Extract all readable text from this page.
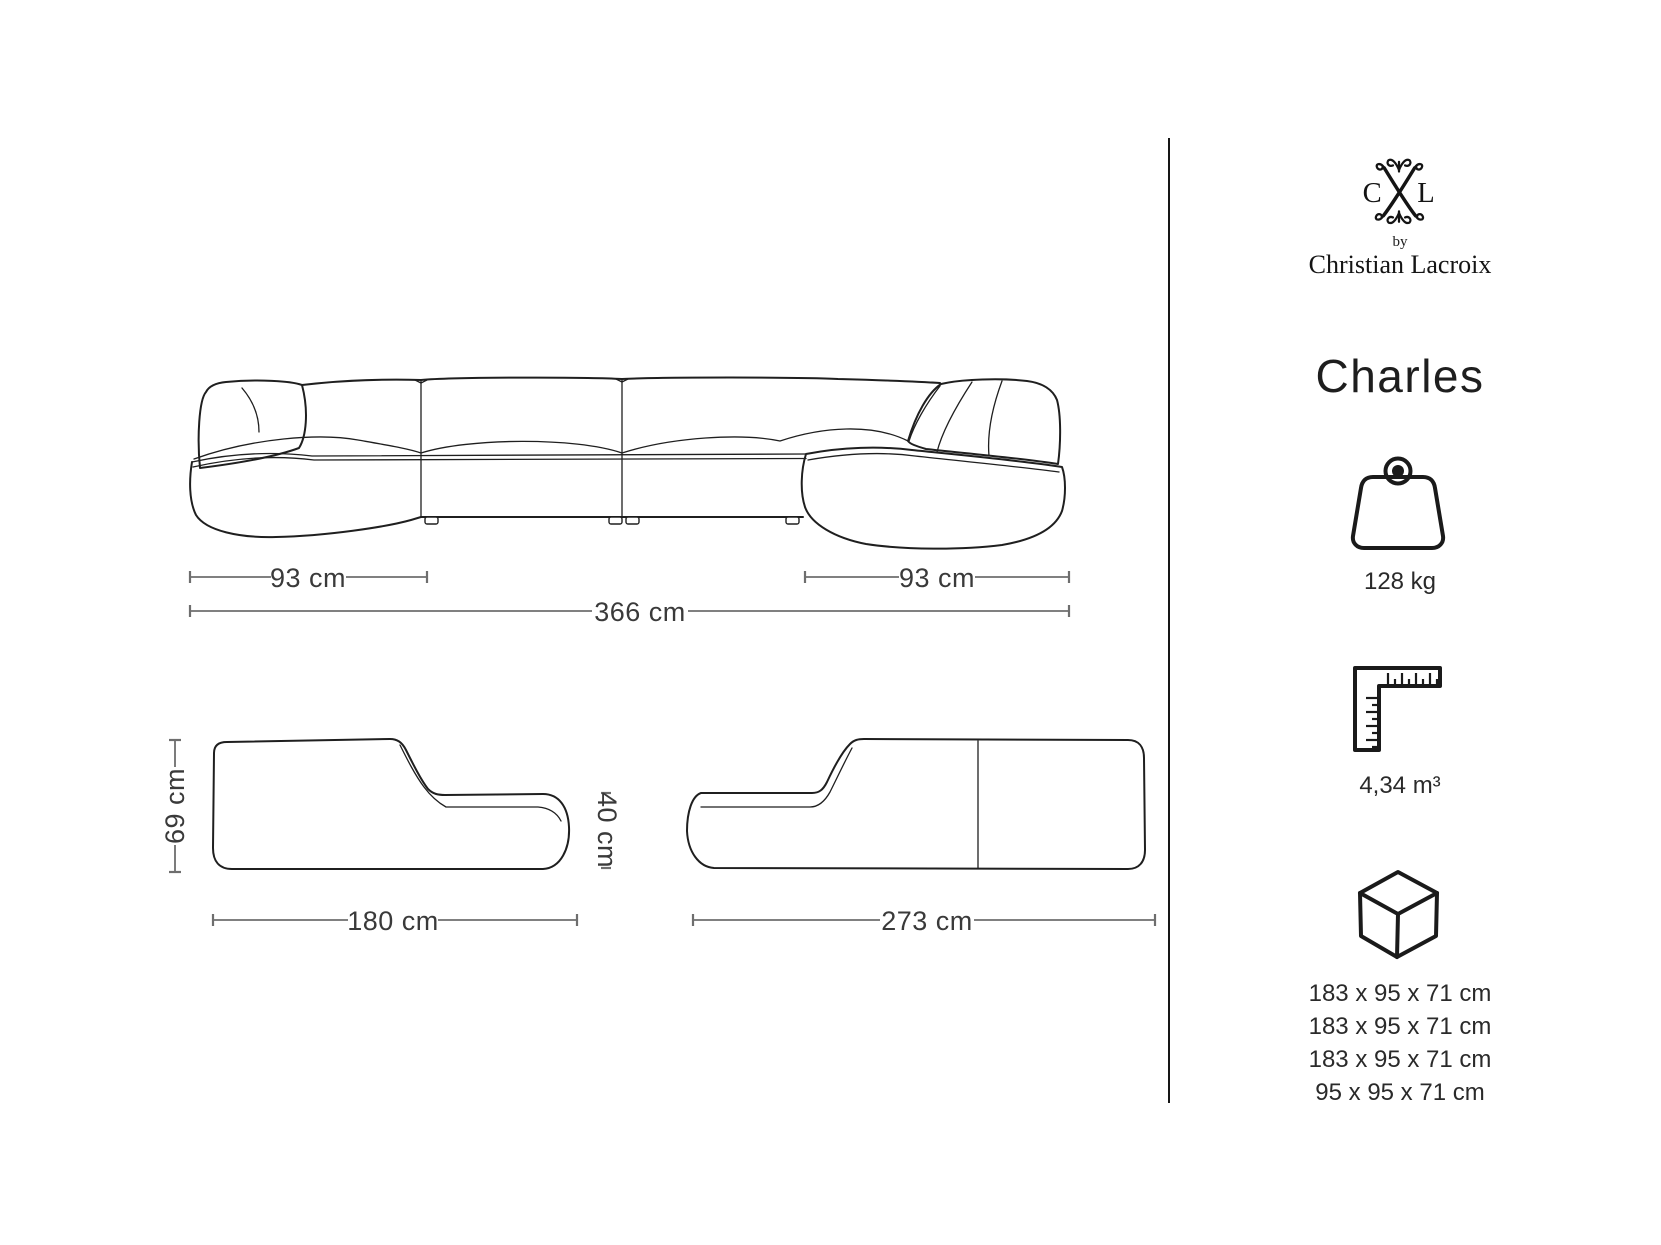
93 cm	93 cm
366 cm
69 cm	40 cm
180 cm	273 cm
C L
by
Christian Lacroix
Charles
128 kg
4,34 m³
183 x 95 x 71 cm
183 x 95 x 71 cm
183 x 95 x 71 cm
95 x 95 x 71 cm
